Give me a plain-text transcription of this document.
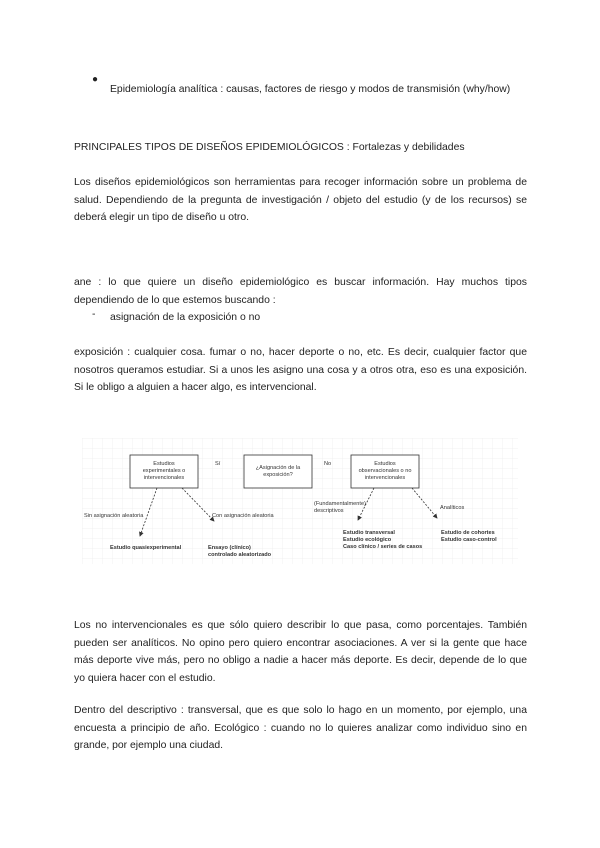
●

Epidemiología analítica : causas, factores de riesgo y modos de transmisión (why/how)

PRINCIPALES TIPOS DE DISEÑOS EPIDEMIOLÓGICOS : Fortalezas y debilidades

Los diseños epidemiológicos son herramientas para recoger información sobre un problema de salud. Dependiendo de la pregunta de investigación / objeto del estudio (y de los recursos) se deberá elegir un tipo de diseño u otro.

ane : lo que quiere un diseño epidemiológico es buscar información. Hay muchos tipos dependiendo de lo que estemos buscando :

- asignación de la exposición o no

exposición : cualquier cosa. fumar o no, hacer deporte o no, etc. Es decir, cualquier factor que nosotros queramos estudiar. Si a unos les asigno una cosa y a otros otra, eso es una exposición. Si le obligo a alguien a hacer algo, es intervencional.

Estudios
experimentales o
intervencionales
Sí
¿Asignación de la
exposición?
No	Estudios
observacionales o no
intervencionales
Sin asignación aleatoria	Con asignación aleatoria
Estudio quasiexperimental	Ensayo (clínico)
controlado aleatorizado
(Fundamentalmente)
descriptivos	Analíticos
Estudio transversal
Estudio ecológico
Caso clínico / series de casos
Estudio de cohortes
Estudio caso-control

Los no intervencionales es que sólo quiero describir lo que pasa, como porcentajes. También pueden ser analíticos. No opino pero quiero encontrar asociaciones. A ver si la gente que hace más deporte vive más, pero no obligo a nadie a hacer más deporte. Es decir, depende de lo que yo quiera hacer con el estudio.

Dentro del descriptivo : transversal, que es que solo lo hago en un momento, por ejemplo, una encuesta a principio de año. Ecológico : cuando no lo quieres analizar como individuo sino en grande, por ejemplo una ciudad.
